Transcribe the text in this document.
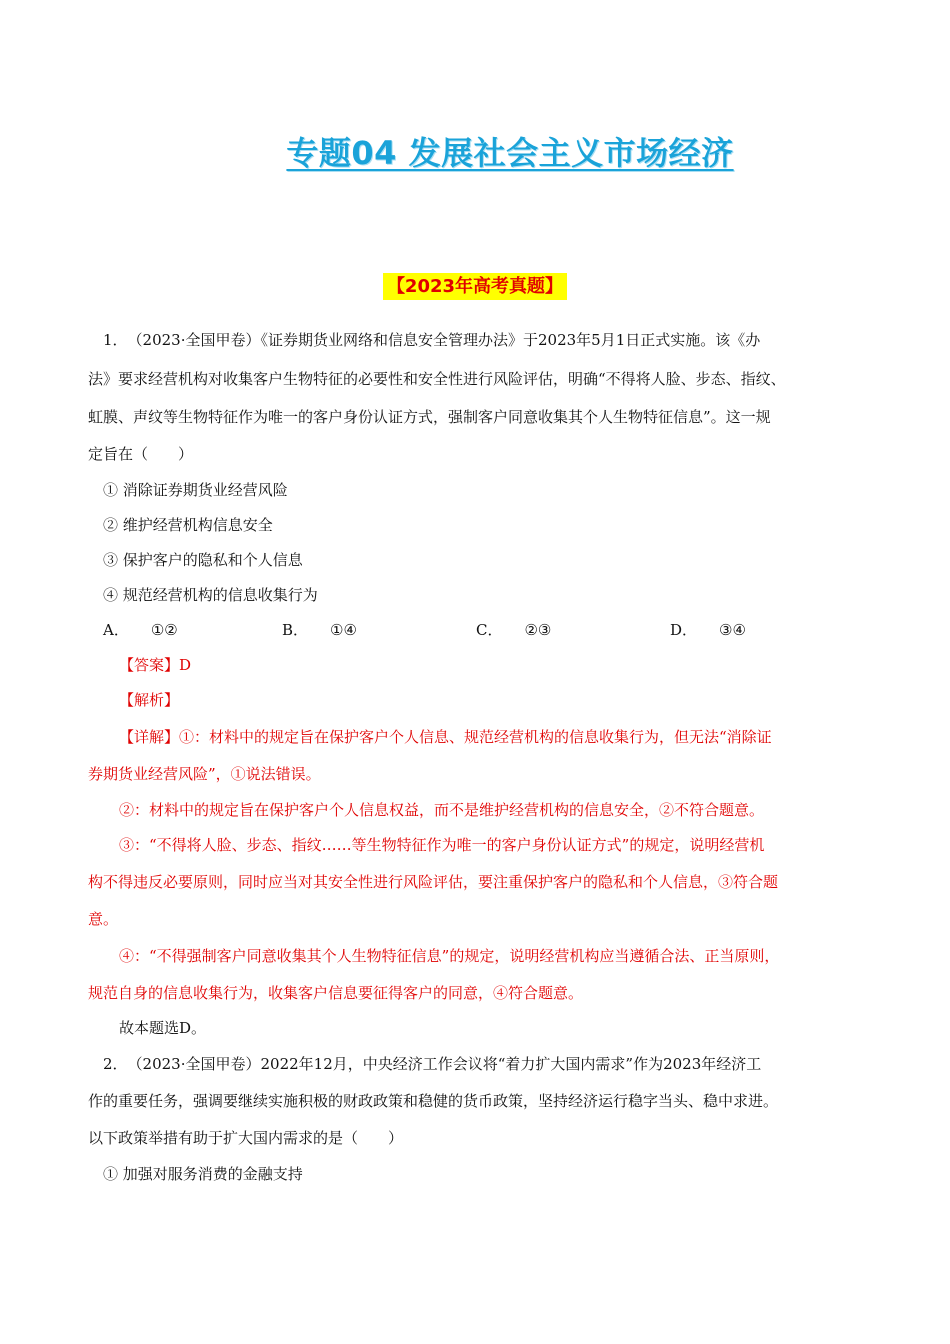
专题04 发展社会主义市场经济
【2023年高考真题】
1．　（2023·全国甲卷）《证券期货业网络和信息安全管理办法》于2023年5月1日正式实施。该《办
法》要求经营机构对收集客户生物特征的必要性和安全性进行风险评估，明确“不得将人脸、步态、指纹、
虹膜、声纹等生物特征作为唯一的客户身份认证方式，强制客户同意收集其个人生物特征信息”。这一规
定旨在（　　）
① 消除证券期货业经营风险
② 维护经营机构信息安全
③ 保护客户的隐私和个人信息
④ 规范经营机构的信息收集行为
A． ①②	B． ①④	C． ②③	D． ③④
【答案】D
【解析】
【详解】①：材料中的规定旨在保护客户个人信息、规范经营机构的信息收集行为，但无法“消除证
券期货业经营风险”，①说法错误。
②：材料中的规定旨在保护客户个人信息权益，而不是维护经营机构的信息安全，②不符合题意。
③：“不得将人脸、步态、指纹……等生物特征作为唯一的客户身份认证方式”的规定，说明经营机
构不得违反必要原则，同时应当对其安全性进行风险评估，要注重保护客户的隐私和个人信息，③符合题
意。
④：“不得强制客户同意收集其个人生物特征信息”的规定，说明经营机构应当遵循合法、正当原则，
规范自身的信息收集行为，收集客户信息要征得客户的同意，④符合题意。
故本题选D。
2．　（2023·全国甲卷）2022年12月，中央经济工作会议将“着力扩大国内需求”作为2023年经济工
作的重要任务，强调要继续实施积极的财政政策和稳健的货币政策，坚持经济运行稳字当头、稳中求进。
以下政策举措有助于扩大国内需求的是（　　）
① 加强对服务消费的金融支持
